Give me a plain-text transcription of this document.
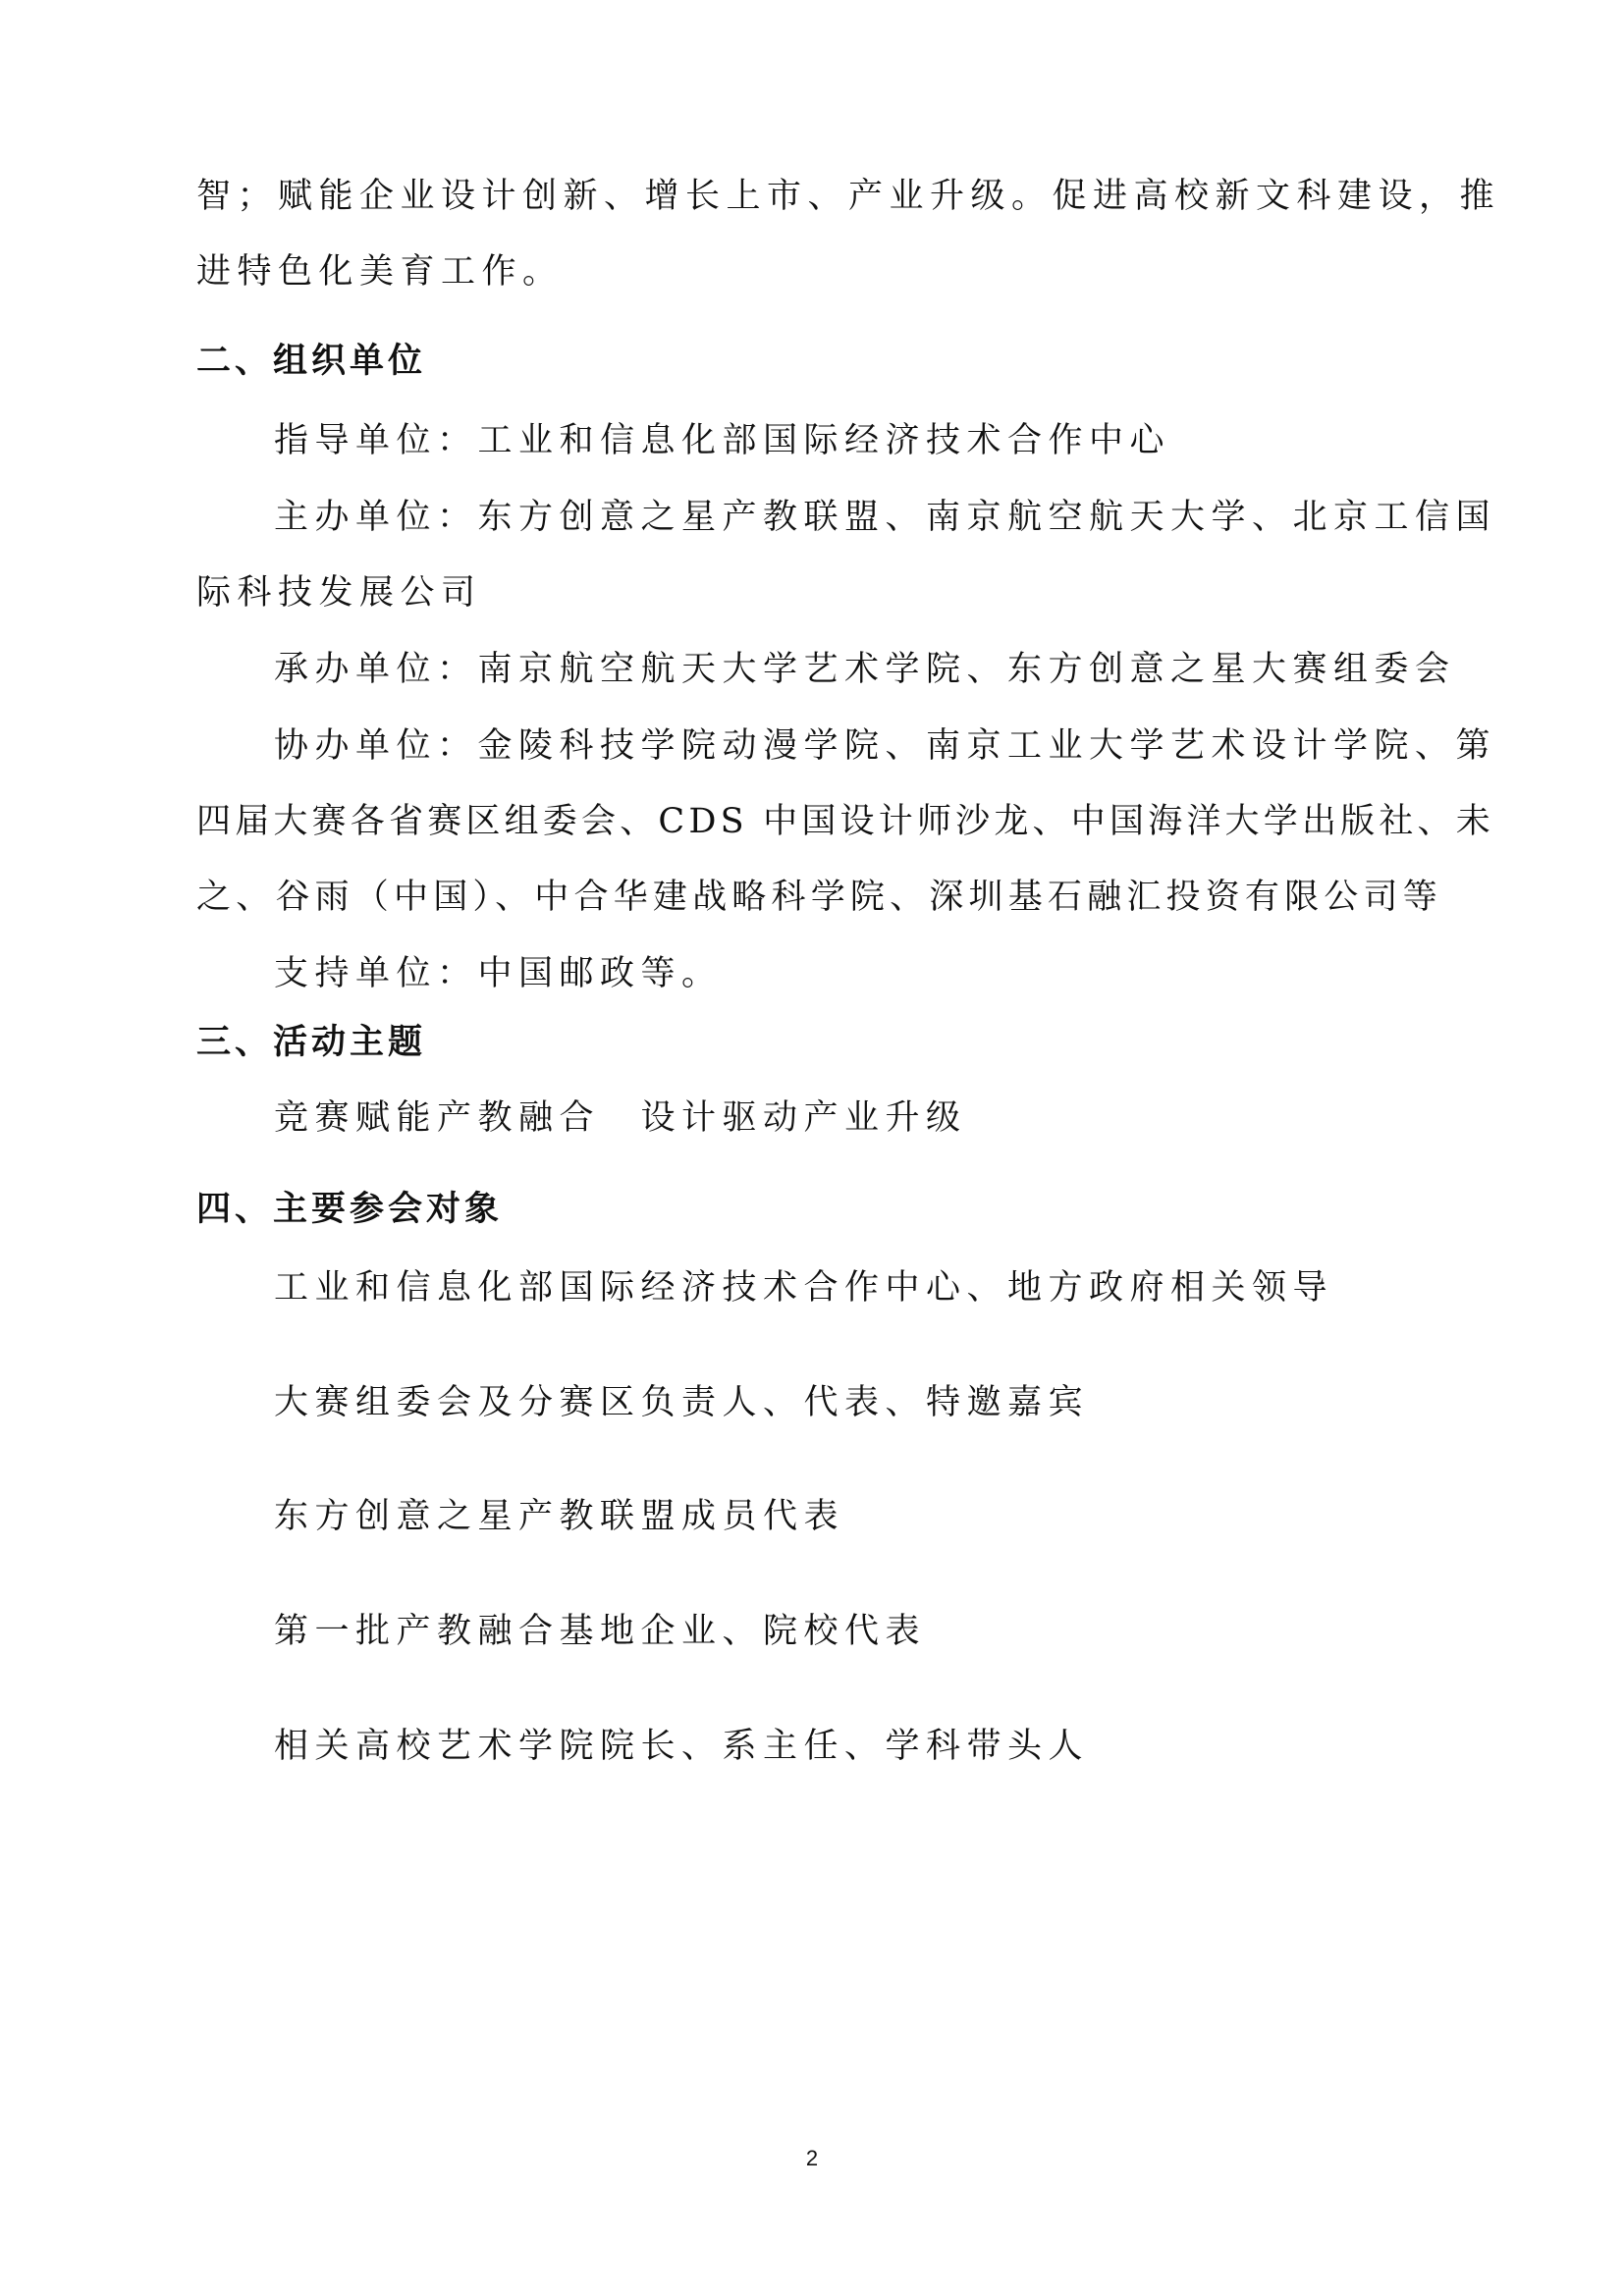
智；赋能企业设计创新、增长上市、产业升级。促进高校新文科建设，推
进特色化美育工作。
二、组织单位
指导单位：工业和信息化部国际经济技术合作中心
主办单位：东方创意之星产教联盟、南京航空航天大学、北京工信国
际科技发展公司
承办单位：南京航空航天大学艺术学院、东方创意之星大赛组委会
协办单位：金陵科技学院动漫学院、南京工业大学艺术设计学院、第
四届大赛各省赛区组委会、CDS 中国设计师沙龙、中国海洋大学出版社、未
之、谷雨（中国）、中合华建战略科学院、深圳基石融汇投资有限公司等
支持单位：中国邮政等。
三、活动主题
竞赛赋能产教融合　设计驱动产业升级
四、主要参会对象
工业和信息化部国际经济技术合作中心、地方政府相关领导
大赛组委会及分赛区负责人、代表、特邀嘉宾
东方创意之星产教联盟成员代表
第一批产教融合基地企业、院校代表
相关高校艺术学院院长、系主任、学科带头人
2
